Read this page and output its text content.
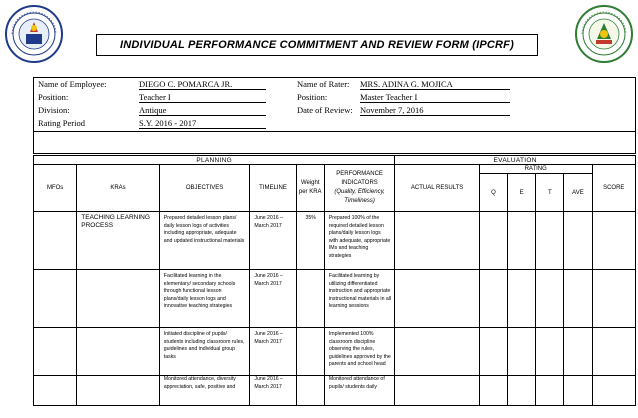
INDIVIDUAL PERFORMANCE COMMITMENT AND REVIEW FORM (IPCRF)
Name of Employee:	DIEGO C. POMARCA JR.
Position:	Teacher I
Division:	Antique
Rating Period	S.Y. 2016 - 2017
Name of Rater: MRS. ADINA G. MOJICA
Position:	Master Teacher I
Date of Review: November 7, 2016
PLANNING						EVALUATION					
MFOs	KRAs	OBJECTIVES	TIMELINE	Weight per KRA	PERFORMANCE INDICATORS
(Quality, Efficiency, Timeliness)	ACTUAL RESULTS	RATING				SCORE
							Q	E	T	AVE	
	TEACHING LEARNING PROCESS	Prepared detailed lesson plans/ daily lesson logs of activities including appropriate, adequate and updated instructional materials	June 2016 – March 2017	35%	Prepared 100% of the required detailed lesson plans/daily lesson logs with adequate, appropriate IMs and teaching strategies						
		Facilitated learning in the elementary/ secondary schools through functional lesson plans/daily lesson logs and innovative teaching strategies	June 2016 – March 2017		Facilitated learning by utilizing differentiated instruction and appropriate instructional materials in all learning sessions						
		Initiated discipline of pupils/ students including classroom rules, guidelines and individual group tasks	June 2016 – March 2017		Implemented 100% classroom discipline observing the rules, guidelines approved by the parents and school head						
		Monitored attendance, diversity appreciation, safe, positive and	June 2016 – March 2017		Monitored attendance of pupils/ students daily						
